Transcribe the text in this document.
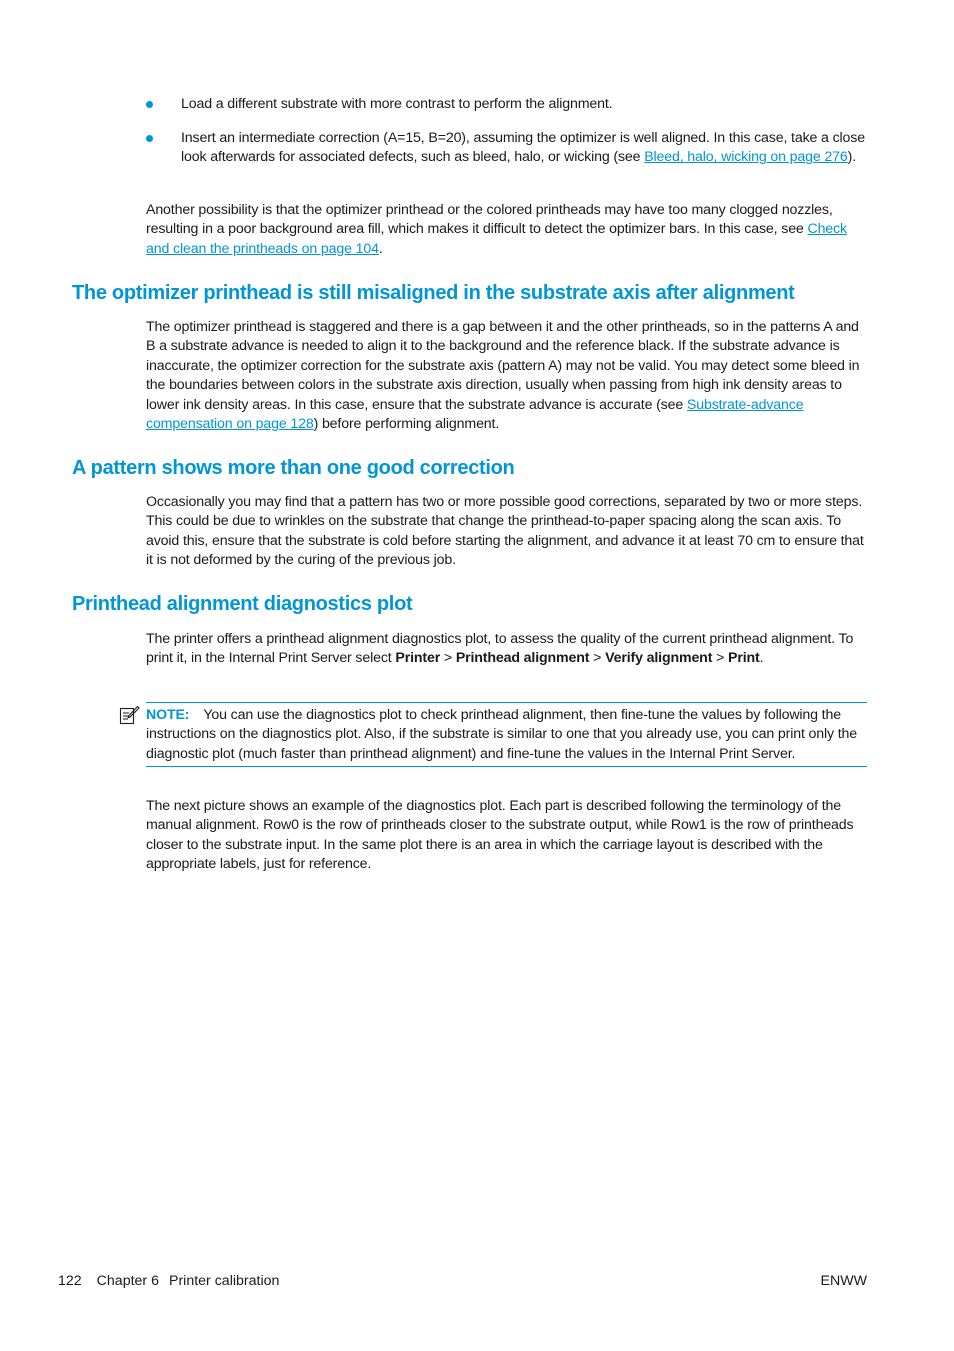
Load a different substrate with more contrast to perform the alignment.
Insert an intermediate correction (A=15, B=20), assuming the optimizer is well aligned. In this case, take a close look afterwards for associated defects, such as bleed, halo, or wicking (see Bleed, halo, wicking on page 276).

Another possibility is that the optimizer printhead or the colored printheads may have too many clogged nozzles, resulting in a poor background area fill, which makes it difficult to detect the optimizer bars. In this case, see Check and clean the printheads on page 104.

The optimizer printhead is still misaligned in the substrate axis after alignment

The optimizer printhead is staggered and there is a gap between it and the other printheads, so in the patterns A and B a substrate advance is needed to align it to the background and the reference black. If the substrate advance is inaccurate, the optimizer correction for the substrate axis (pattern A) may not be valid. You may detect some bleed in the boundaries between colors in the substrate axis direction, usually when passing from high ink density areas to lower ink density areas. In this case, ensure that the substrate advance is accurate (see Substrate-advance compensation on page 128) before performing alignment.

A pattern shows more than one good correction

Occasionally you may find that a pattern has two or more possible good corrections, separated by two or more steps. This could be due to wrinkles on the substrate that change the printhead-to-paper spacing along the scan axis. To avoid this, ensure that the substrate is cold before starting the alignment, and advance it at least 70 cm to ensure that it is not deformed by the curing of the previous job.

Printhead alignment diagnostics plot

The printer offers a printhead alignment diagnostics plot, to assess the quality of the current printhead alignment. To print it, in the Internal Print Server select Printer > Printhead alignment > Verify alignment > Print.

NOTE: You can use the diagnostics plot to check printhead alignment, then fine-tune the values by following the instructions on the diagnostics plot. Also, if the substrate is similar to one that you already use, you can print only the diagnostic plot (much faster than printhead alignment) and fine-tune the values in the Internal Print Server.

The next picture shows an example of the diagnostics plot. Each part is described following the terminology of the manual alignment. Row0 is the row of printheads closer to the substrate output, while Row1 is the row of printheads closer to the substrate input. In the same plot there is an area in which the carriage layout is described with the appropriate labels, just for reference.

122 Chapter 6 Printer calibration	ENWW
